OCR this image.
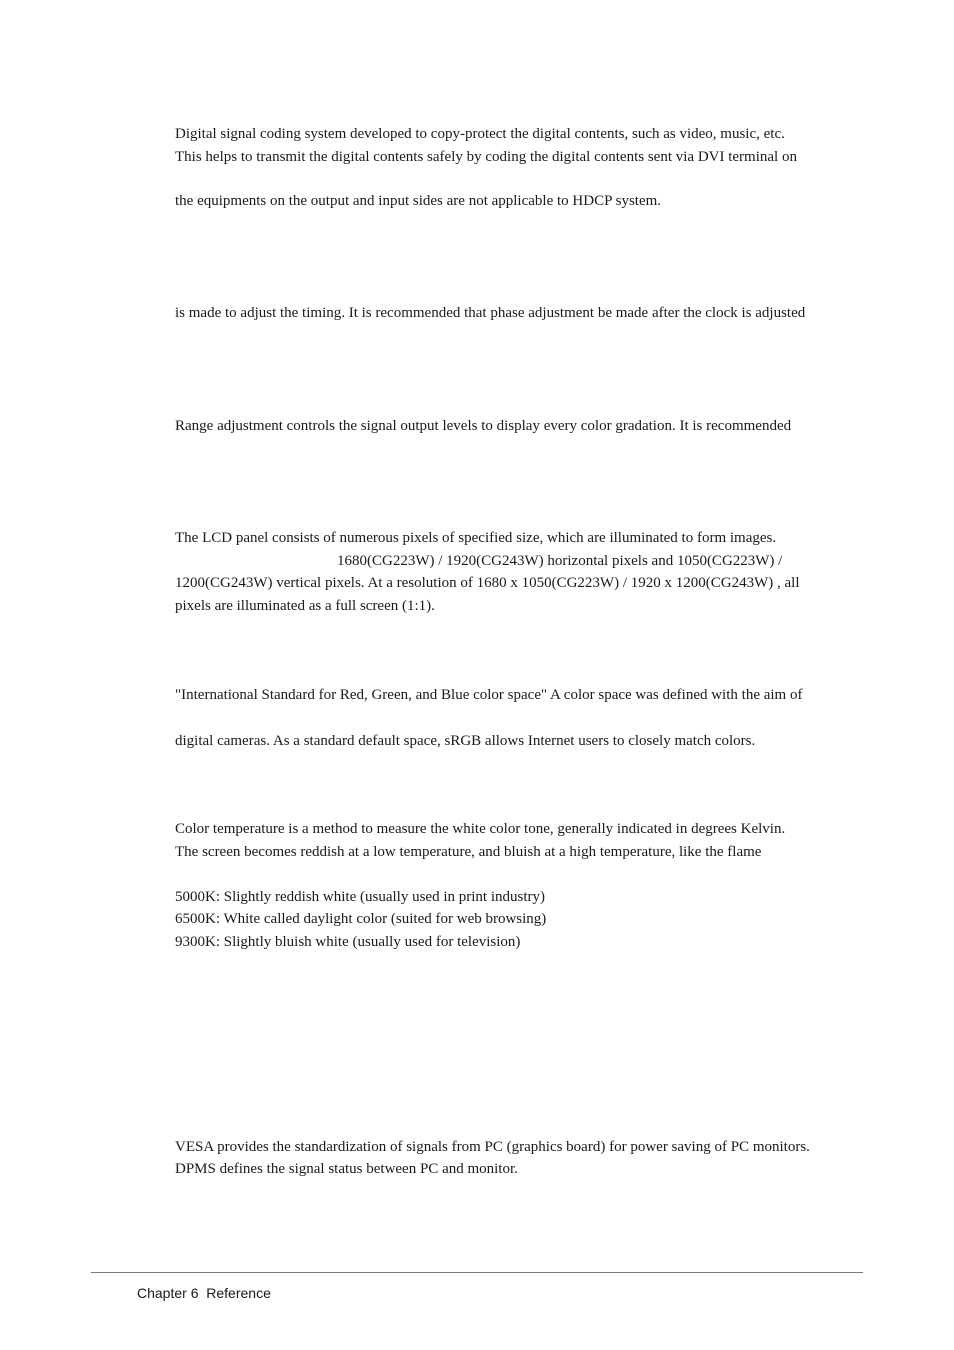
Digital signal coding system developed to copy-protect the digital contents, such as video, music, etc.
This helps to transmit the digital contents safely by coding the digital contents sent via DVI terminal on
the equipments on the output and input sides are not applicable to HDCP system.
is made to adjust the timing. It is recommended that phase adjustment be made after the clock is adjusted
Range adjustment controls the signal output levels to display every color gradation. It is recommended
The LCD panel consists of numerous pixels of specified size, which are illuminated to form images.
1680(CG223W) / 1920(CG243W) horizontal pixels and 1050(CG223W) /
1200(CG243W) vertical pixels. At a resolution of 1680 x 1050(CG223W) / 1920 x 1200(CG243W) , all
pixels are illuminated as a full screen (1:1).
"International Standard for Red, Green, and Blue color space" A color space was defined with the aim of
digital cameras. As a standard default space, sRGB allows Internet users to closely match colors.
Color temperature is a method to measure the white color tone, generally indicated in degrees Kelvin.
The screen becomes reddish at a low temperature, and bluish at a high temperature, like the flame
5000K: Slightly reddish white (usually used in print industry)
6500K: White called daylight color (suited for web browsing)
9300K: Slightly bluish white (usually used for television)
VESA provides the standardization of signals from PC (graphics board) for power saving of PC monitors.
DPMS defines the signal status between PC and monitor.
Chapter 6  Reference
